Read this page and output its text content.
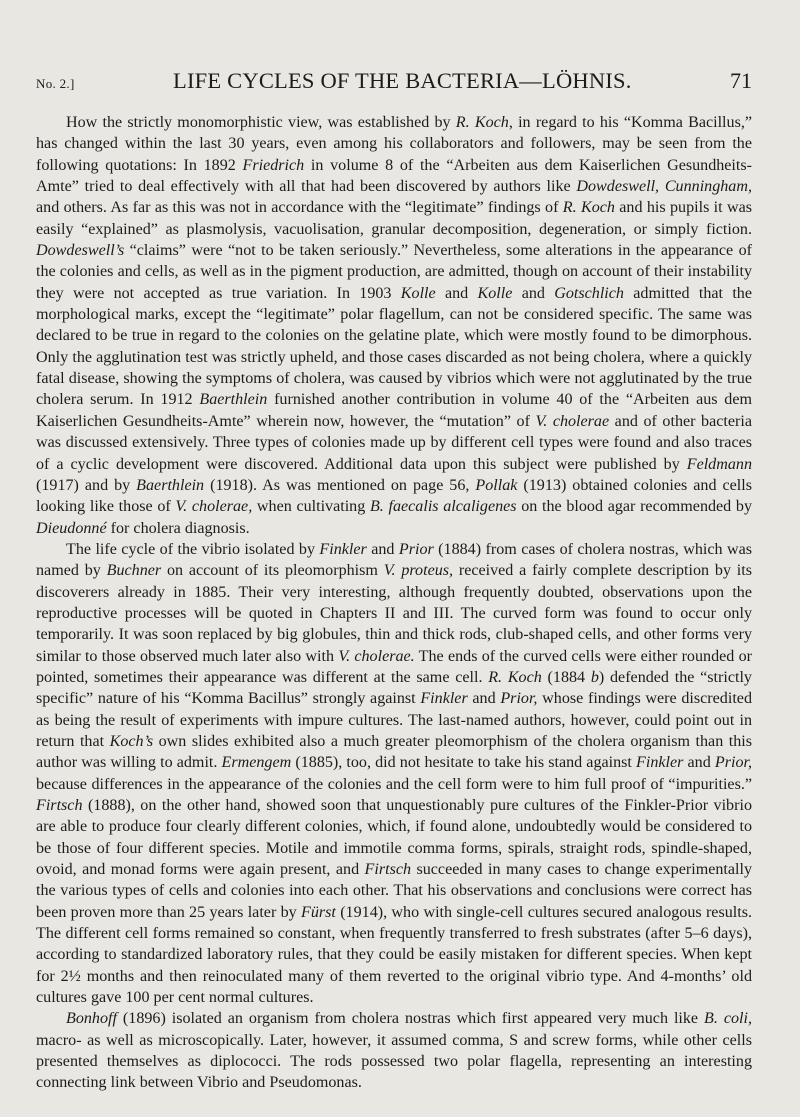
No. 2.]	LIFE CYCLES OF THE BACTERIA—LÖHNIS.	71

How the strictly monomorphistic view, was established by R. Koch, in regard to his “Komma Bacillus,” has changed within the last 30 years, even among his collaborators and followers, may be seen from the following quotations: In 1892 Friedrich in volume 8 of the “Arbeiten aus dem Kaiserlichen Gesundheits-Amte” tried to deal effectively with all that had been discovered by authors like Dowdeswell, Cunningham, and others. As far as this was not in accordance with the “legitimate” findings of R. Koch and his pupils it was easily “explained” as plasmolysis, vacuolisation, granular decomposition, degeneration, or simply fiction. Dowdeswell’s “claims” were “not to be taken seriously.” Nevertheless, some alterations in the appearance of the colonies and cells, as well as in the pigment production, are admitted, though on account of their instability they were not accepted as true variation. In 1903 Kolle and Kolle and Gotschlich admitted that the morphological marks, except the “legitimate” polar flagellum, can not be considered specific. The same was declared to be true in regard to the colonies on the gelatine plate, which were mostly found to be dimorphous. Only the agglutination test was strictly upheld, and those cases discarded as not being cholera, where a quickly fatal disease, showing the symptoms of cholera, was caused by vibrios which were not agglutinated by the true cholera serum. In 1912 Baerthlein furnished another contribution in volume 40 of the “Arbeiten aus dem Kaiserlichen Gesundheits-Amte” wherein now, however, the “mutation” of V. cholerae and of other bacteria was discussed extensively. Three types of colonies made up by different cell types were found and also traces of a cyclic development were discovered. Additional data upon this subject were published by Feldmann (1917) and by Baerthlein (1918). As was mentioned on page 56, Pollak (1913) obtained colonies and cells looking like those of V. cholerae, when cultivating B. faecalis alcaligenes on the blood agar recommended by Dieudonné for cholera diagnosis.

The life cycle of the vibrio isolated by Finkler and Prior (1884) from cases of cholera nostras, which was named by Buchner on account of its pleomorphism V. proteus, received a fairly complete description by its discoverers already in 1885. Their very interesting, although frequently doubted, observations upon the reproductive processes will be quoted in Chapters II and III. The curved form was found to occur only temporarily. It was soon replaced by big globules, thin and thick rods, club-shaped cells, and other forms very similar to those observed much later also with V. cholerae. The ends of the curved cells were either rounded or pointed, sometimes their appearance was different at the same cell. R. Koch (1884 b) defended the “strictly specific” nature of his “Komma Bacillus” strongly against Finkler and Prior, whose findings were discredited as being the result of experiments with impure cultures. The last-named authors, however, could point out in return that Koch’s own slides exhibited also a much greater pleomorphism of the cholera organism than this author was willing to admit. Ermengem (1885), too, did not hesitate to take his stand against Finkler and Prior, because differences in the appearance of the colonies and the cell form were to him full proof of “impurities.” Firtsch (1888), on the other hand, showed soon that unquestionably pure cultures of the Finkler-Prior vibrio are able to produce four clearly different colonies, which, if found alone, undoubtedly would be considered to be those of four different species. Motile and immotile comma forms, spirals, straight rods, spindle-shaped, ovoid, and monad forms were again present, and Firtsch succeeded in many cases to change experimentally the various types of cells and colonies into each other. That his observations and conclusions were correct has been proven more than 25 years later by Fürst (1914), who with single-cell cultures secured analogous results. The different cell forms remained so constant, when frequently transferred to fresh substrates (after 5–6 days), according to standardized laboratory rules, that they could be easily mistaken for different species. When kept for 2½ months and then reinoculated many of them reverted to the original vibrio type. And 4-months’ old cultures gave 100 per cent normal cultures.

Bonhoff (1896) isolated an organism from cholera nostras which first appeared very much like B. coli, macro- as well as microscopically. Later, however, it assumed comma, S and screw forms, while other cells presented themselves as diplococci. The rods possessed two polar flagella, representing an interesting connecting link between Vibrio and Pseudomonas.
